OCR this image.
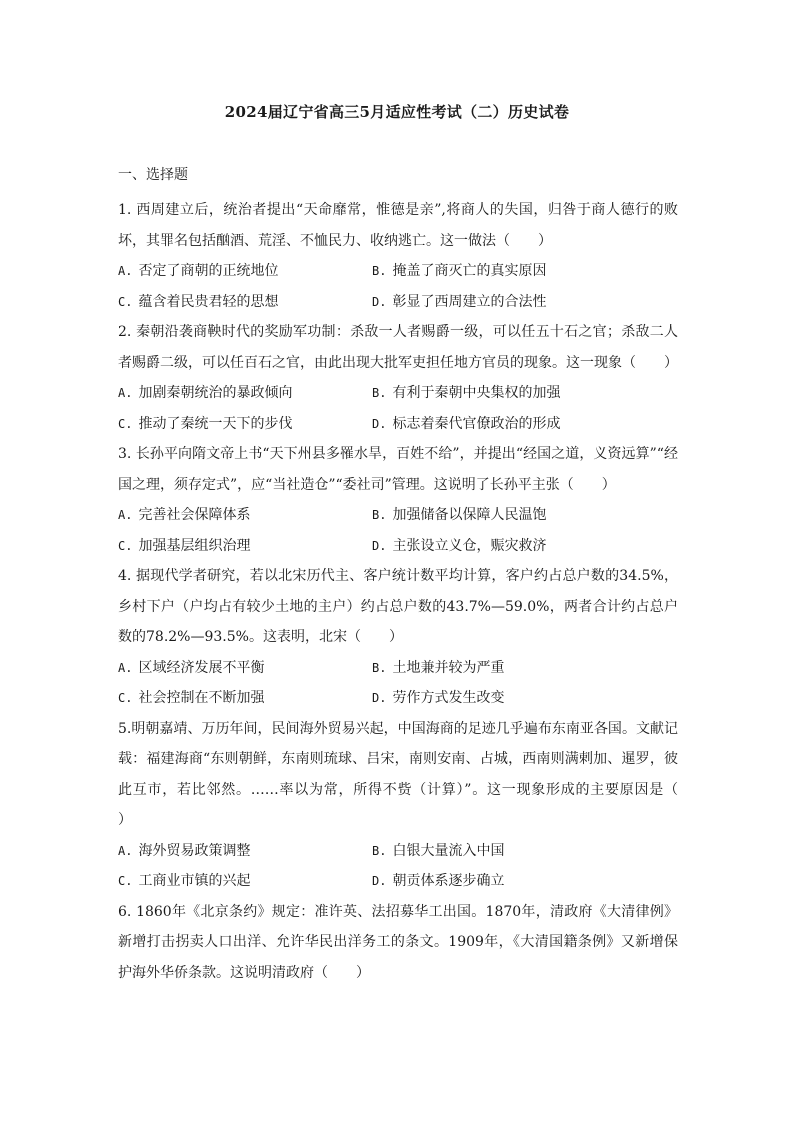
2024届辽宁省高三5月适应性考试（二）历史试卷
一、选择题
1. 西周建立后，统治者提出“天命靡常，惟德是亲”,将商人的失国，归咎于商人德行的败坏，其罪名包括酗酒、荒淫、不恤民力、收纳逃亡。这一做法（　　）
A. 否定了商朝的正统地位	B. 掩盖了商灭亡的真实原因
C. 蕴含着民贵君轻的思想	D. 彰显了西周建立的合法性
2. 秦朝沿袭商鞅时代的奖励军功制：杀敌一人者赐爵一级，可以任五十石之官；杀敌二人者赐爵二级，可以任百石之官，由此出现大批军吏担任地方官员的现象。这一现象（　　）
A. 加剧秦朝统治的暴政倾向	B. 有利于秦朝中央集权的加强
C. 推动了秦统一天下的步伐	D. 标志着秦代官僚政治的形成
3. 长孙平向隋文帝上书“天下州县多罹水旱，百姓不给”，并提出“经国之道，义资远算”“经国之理，须存定式”，应“当社造仓”“委社司”管理。这说明了长孙平主张（　　）
A. 完善社会保障体系	B. 加强储备以保障人民温饱
C. 加强基层组织治理	D. 主张设立义仓，赈灾救济
4. 据现代学者研究，若以北宋历代主、客户统计数平均计算，客户约占总户数的34.5%，乡村下户（户均占有较少土地的主户）约占总户数的43.7%—59.0%，两者合计约占总户数的78.2%—93.5%。这表明，北宋（　　）
A. 区域经济发展不平衡	B. 土地兼并较为严重
C. 社会控制在不断加强	D. 劳作方式发生改变
5.明朝嘉靖、万历年间，民间海外贸易兴起，中国海商的足迹几乎遍布东南亚各国。文献记载：福建海商“东则朝鲜，东南则琉球、吕宋，南则安南、占城，西南则满剌加、暹罗，彼此互市，若比邻然。……率以为常，所得不赀（计算）”。这一现象形成的主要原因是（　　）
A. 海外贸易政策调整	B. 白银大量流入中国
C. 工商业市镇的兴起	D. 朝贡体系逐步确立
6. 1860年《北京条约》规定：准许英、法招募华工出国。1870年，清政府《大清律例》新增打击拐卖人口出洋、允许华民出洋务工的条文。1909年，《大清国籍条例》又新增保护海外华侨条款。这说明清政府（　　）
